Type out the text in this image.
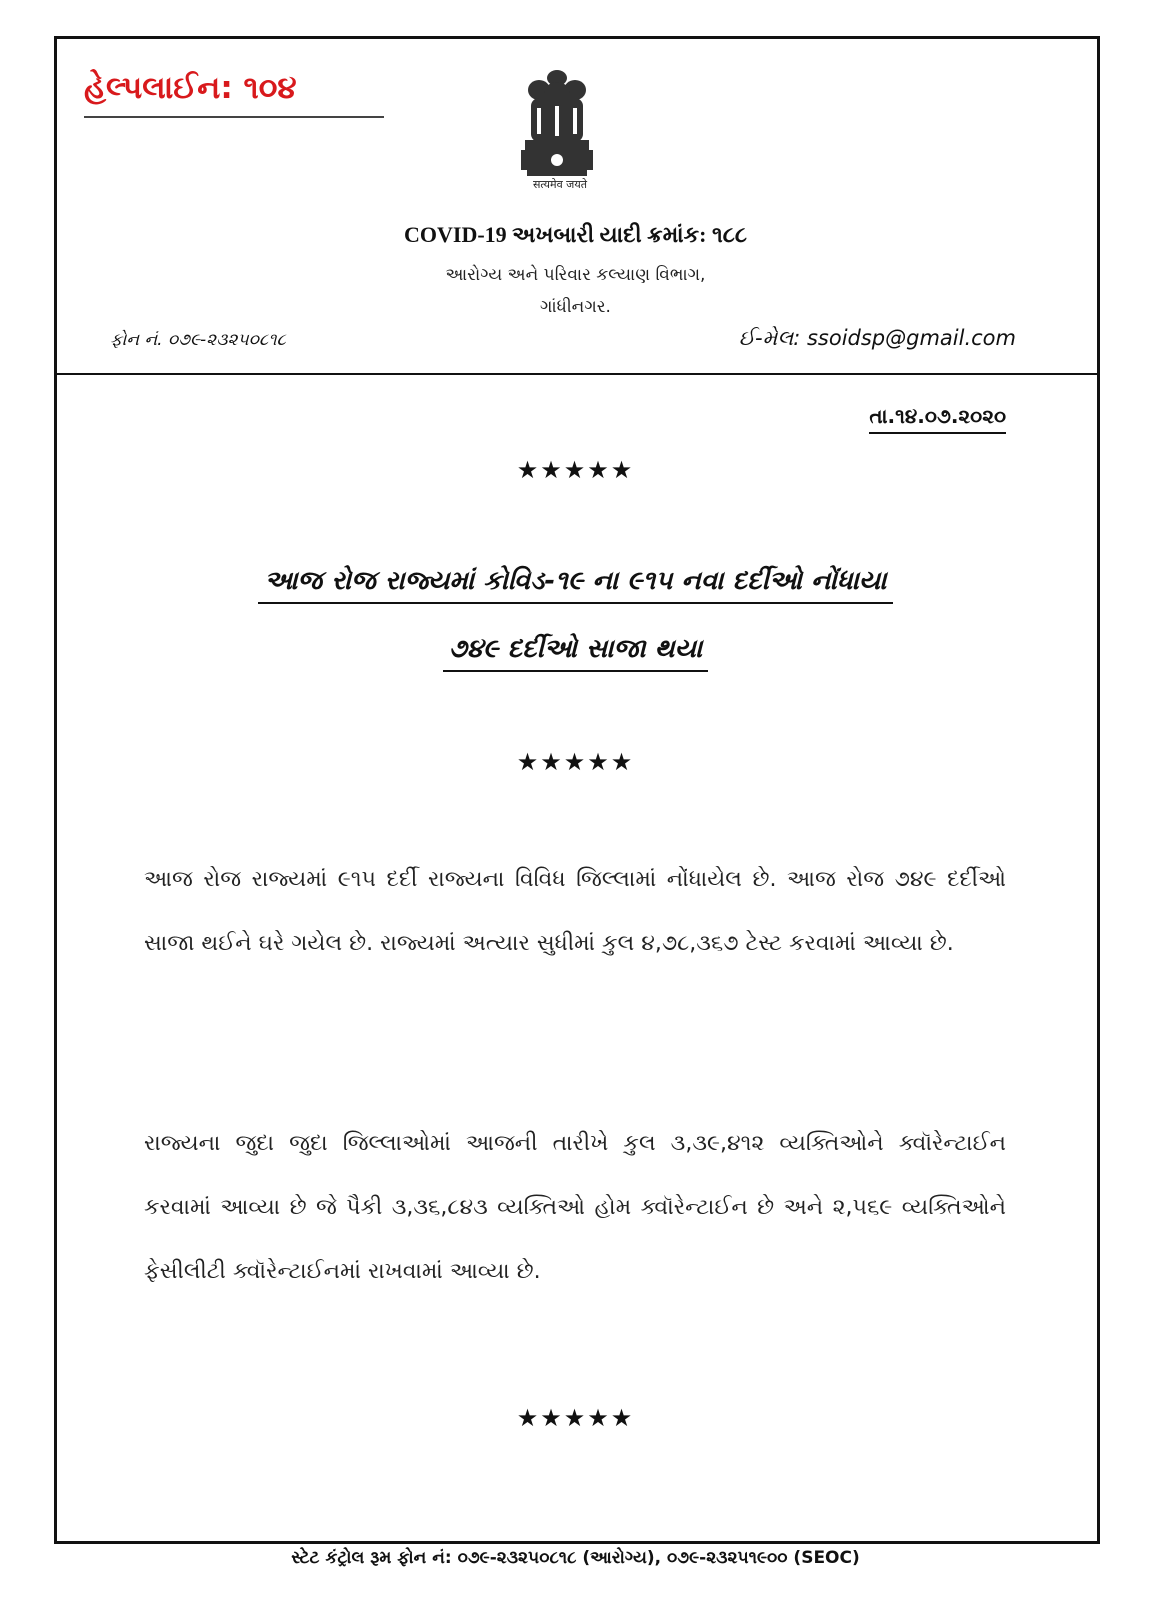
હેલ્પલાઈન: ૧૦૪
सत्यमेव जयते
COVID-19 અખબારી યાદી ક્રમાંક: ૧૮૮
આરોગ્ય અને પરિવાર કલ્યાણ વિભાગ,
ગાંધીનગર.
ફોન નં. ૦૭૯-૨૩૨૫૦૮૧૮	ઈ-મેલ: ssoidsp@gmail.com
તા.૧૪.૦૭.૨૦૨૦
★★★★★
આજ રોજ રાજ્યમાં કોવિડ-૧૯ ના ૯૧૫ નવા દર્દીઓ નોંધાયા
૭૪૯ દર્દીઓ સાજા થયા
★★★★★
આજ રોજ રાજ્યમાં ૯૧૫ દર્દી રાજ્યના વિવિધ જિલ્લામાં નોંધાયેલ છે. આજ રોજ ૭૪૯ દર્દીઓ સાજા થઈને ઘરે ગયેલ છે. રાજ્યમાં અત્યાર સુધીમાં કુલ ૪,૭૮,૩૬૭ ટેસ્ટ કરવામાં આવ્યા છે.
રાજ્યના જુદા જુદા જિલ્લાઓમાં આજની તારીખે કુલ ૩,૩૯,૪૧૨ વ્યક્તિઓને ક્વૉરેન્ટાઈન કરવામાં આવ્યા છે જે પૈકી ૩,૩૬,૮૪૩ વ્યક્તિઓ હોમ ક્વૉરેન્ટાઈન છે અને ૨,૫૬૯ વ્યક્તિઓને ફેસીલીટી ક્વૉરેન્ટાઈનમાં રાખવામાં આવ્યા છે.
★★★★★
સ્ટેટ કંટ્રોલ રૂમ ફોન નં: ૦૭૯-૨૩૨૫૦૮૧૮ (આરોગ્ય), ૦૭૯-૨૩૨૫૧૯૦૦ (SEOC)
